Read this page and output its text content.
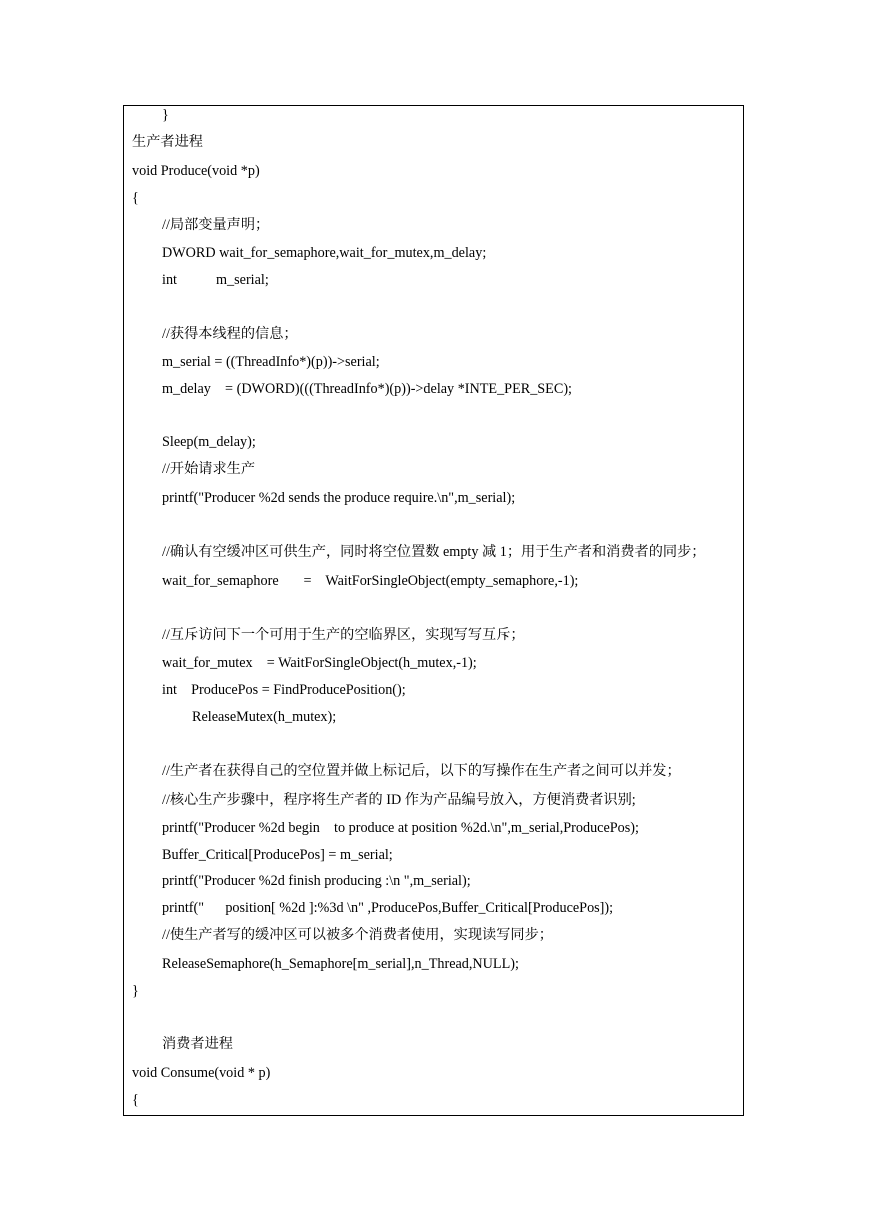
}
生产者进程
void Produce(void *p)
{
//局部变量声明；
DWORD wait_for_semaphore,wait_for_mutex,m_delay;
int           m_serial;
//获得本线程的信息；
m_serial = ((ThreadInfo*)(p))->serial;
m_delay    = (DWORD)(((ThreadInfo*)(p))->delay *INTE_PER_SEC);
Sleep(m_delay);
//开始请求生产
printf("Producer %2d sends the produce require.\n",m_serial);
//确认有空缓冲区可供生产，同时将空位置数 empty 减 1；用于生产者和消费者的同步；
wait_for_semaphore       =    WaitForSingleObject(empty_semaphore,-1);
//互斥访问下一个可用于生产的空临界区，实现写写互斥；
wait_for_mutex    = WaitForSingleObject(h_mutex,-1);
int    ProducePos = FindProducePosition();
ReleaseMutex(h_mutex);
//生产者在获得自己的空位置并做上标记后，以下的写操作在生产者之间可以并发；
//核心生产步骤中，程序将生产者的 ID 作为产品编号放入，方便消费者识别;
printf("Producer %2d begin    to produce at position %2d.\n",m_serial,ProducePos);
Buffer_Critical[ProducePos] = m_serial;
printf("Producer %2d finish producing :\n ",m_serial);
printf("      position[ %2d ]:%3d \n" ,ProducePos,Buffer_Critical[ProducePos]);
//使生产者写的缓冲区可以被多个消费者使用，实现读写同步；
ReleaseSemaphore(h_Semaphore[m_serial],n_Thread,NULL);
}
消费者进程
void Consume(void * p)
{
